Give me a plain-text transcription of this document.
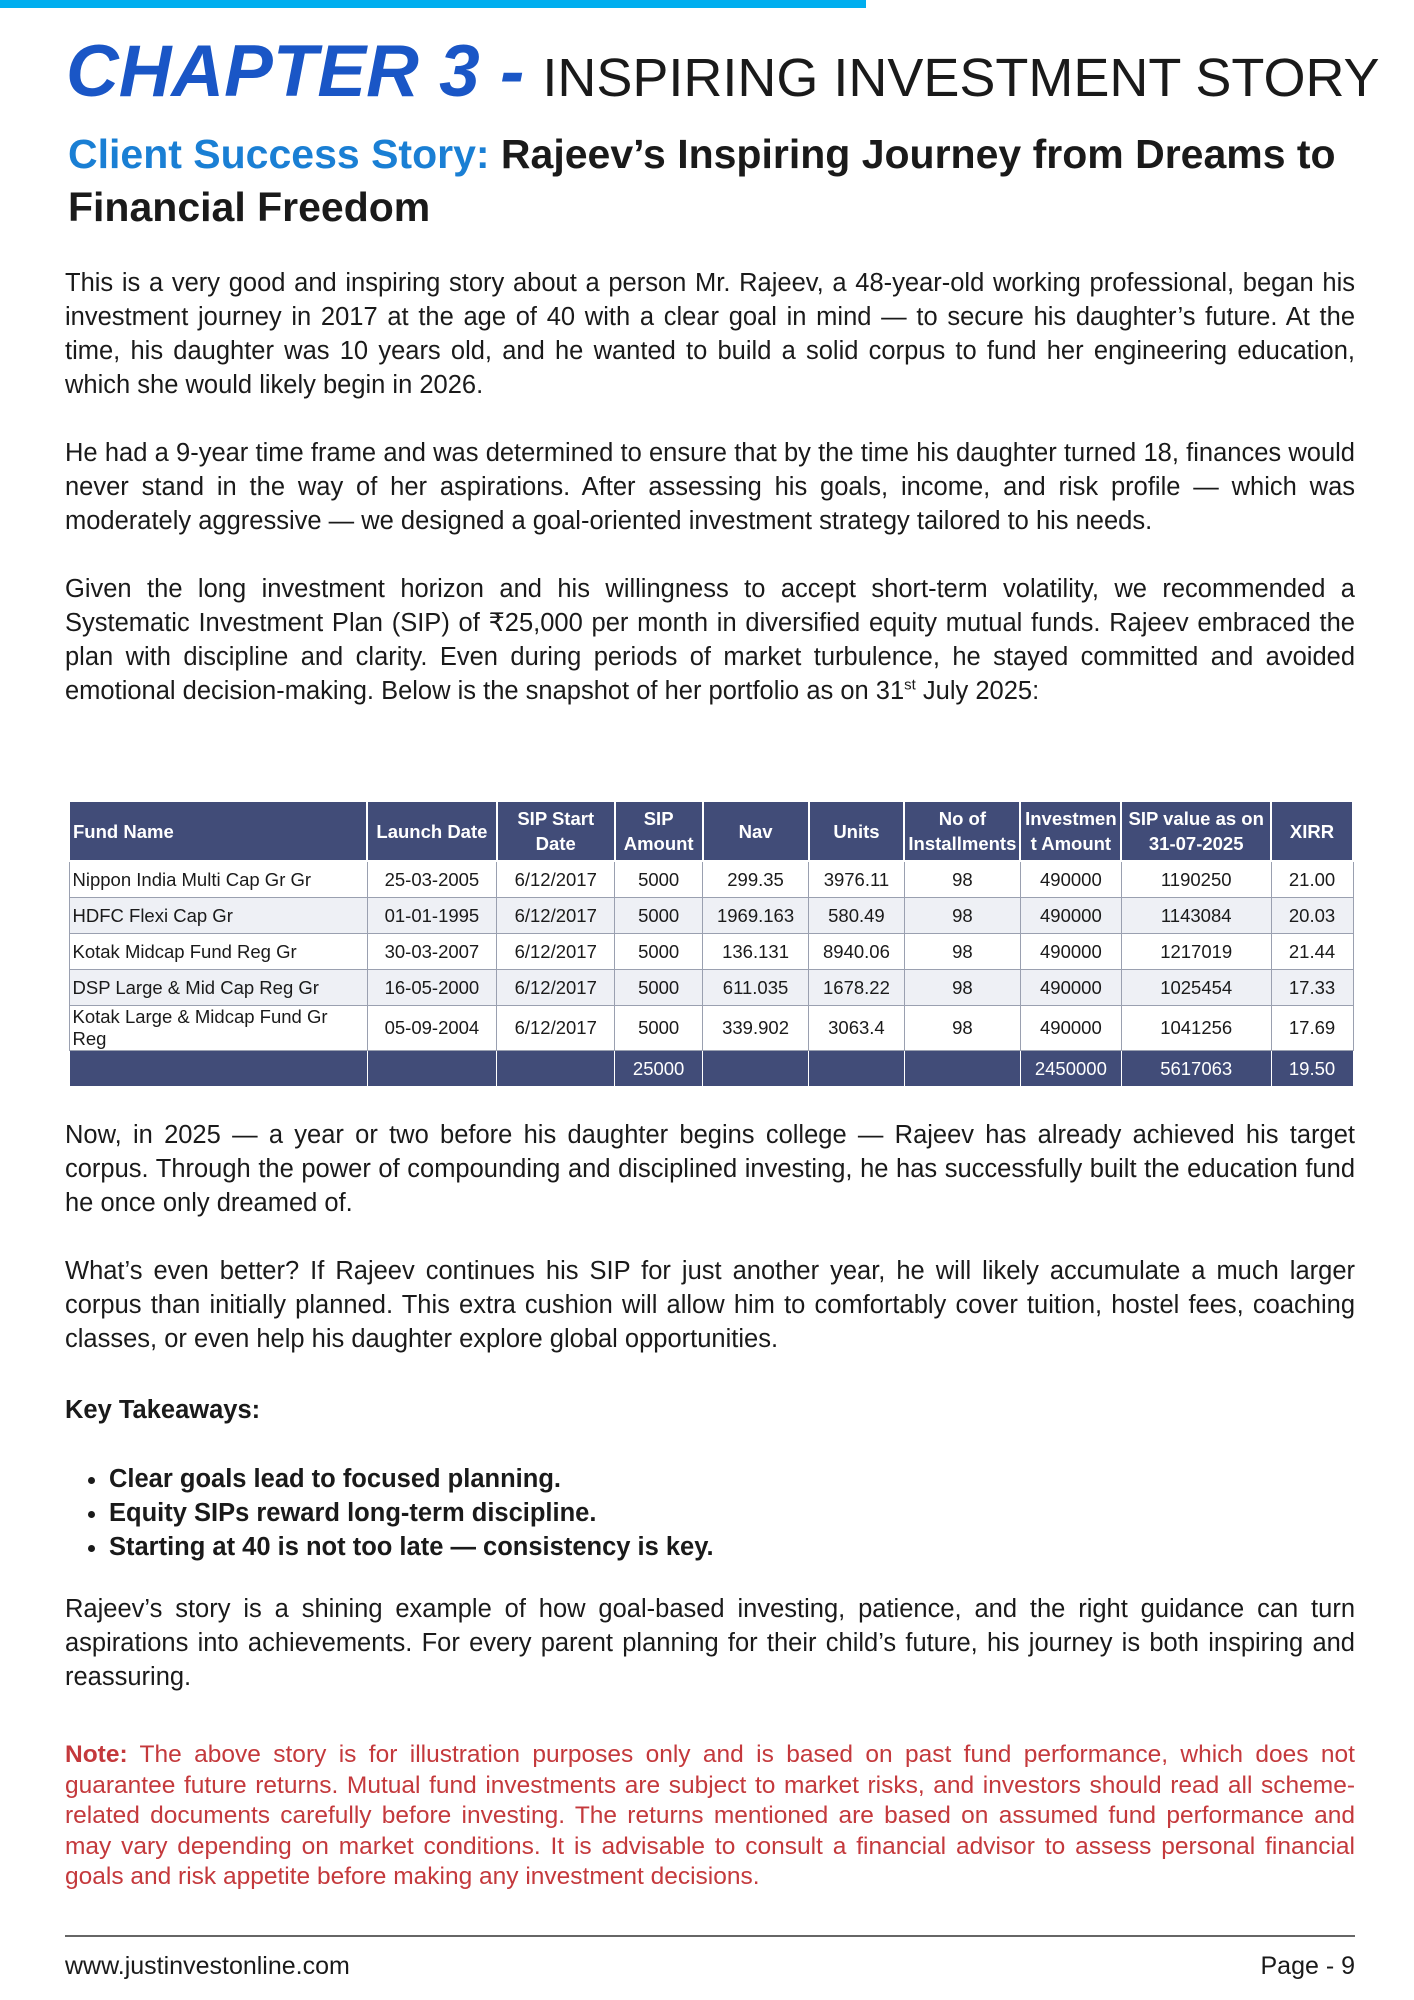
CHAPTER 3 - INSPIRING INVESTMENT STORY
Client Success Story: Rajeev’s Inspiring Journey from Dreams to Financial Freedom

This is a very good and inspiring story about a person Mr. Rajeev, a 48-year-old working professional, began his investment journey in 2017 at the age of 40 with a clear goal in mind — to secure his daughter’s future. At the time, his daughter was 10 years old, and he wanted to build a solid corpus to fund her engineering education, which she would likely begin in 2026.

He had a 9-year time frame and was determined to ensure that by the time his daughter turned 18, finances would never stand in the way of her aspirations. After assessing his goals, income, and risk profile — which was moderately aggressive — we designed a goal-oriented investment strategy tailored to his needs.

Given the long investment horizon and his willingness to accept short-term volatility, we recommended a Systematic Investment Plan (SIP) of ₹25,000 per month in diversified equity mutual funds. Rajeev embraced the plan with discipline and clarity. Even during periods of market turbulence, he stayed committed and avoided emotional decision-making. Below is the snapshot of her portfolio as on 31st July 2025:

Fund Name	Launch Date	SIP Start Date	SIP Amount	Nav	Units	No of Installments	Investmen t Amount	SIP value as on 31-07-2025	XIRR
Nippon India Multi Cap Gr Gr	25-03-2005	6/12/2017	5000	299.35	3976.11	98	490000	1190250	21.00
HDFC Flexi Cap Gr	01-01-1995	6/12/2017	5000	1969.163	580.49	98	490000	1143084	20.03
Kotak Midcap Fund Reg Gr	30-03-2007	6/12/2017	5000	136.131	8940.06	98	490000	1217019	21.44
DSP Large & Mid Cap Reg Gr	16-05-2000	6/12/2017	5000	611.035	1678.22	98	490000	1025454	17.33
Kotak Large & Midcap Fund Gr Reg	05-09-2004	6/12/2017	5000	339.902	3063.4	98	490000	1041256	17.69
			25000				2450000	5617063	19.50

Now, in 2025 — a year or two before his daughter begins college — Rajeev has already achieved his target corpus. Through the power of compounding and disciplined investing, he has successfully built the education fund he once only dreamed of.

What’s even better? If Rajeev continues his SIP for just another year, he will likely accumulate a much larger corpus than initially planned. This extra cushion will allow him to comfortably cover tuition, hostel fees, coaching classes, or even help his daughter explore global opportunities.

Key Takeaways:
• Clear goals lead to focused planning.
• Equity SIPs reward long-term discipline.
• Starting at 40 is not too late — consistency is key.

Rajeev’s story is a shining example of how goal-based investing, patience, and the right guidance can turn aspirations into achievements. For every parent planning for their child’s future, his journey is both inspiring and reassuring.

Note: The above story is for illustration purposes only and is based on past fund performance, which does not guarantee future returns. Mutual fund investments are subject to market risks, and investors should read all scheme-related documents carefully before investing. The returns mentioned are based on assumed fund performance and may vary depending on market conditions. It is advisable to consult a financial advisor to assess personal financial goals and risk appetite before making any investment decisions.

www.justinvestonline.com	Page - 9
